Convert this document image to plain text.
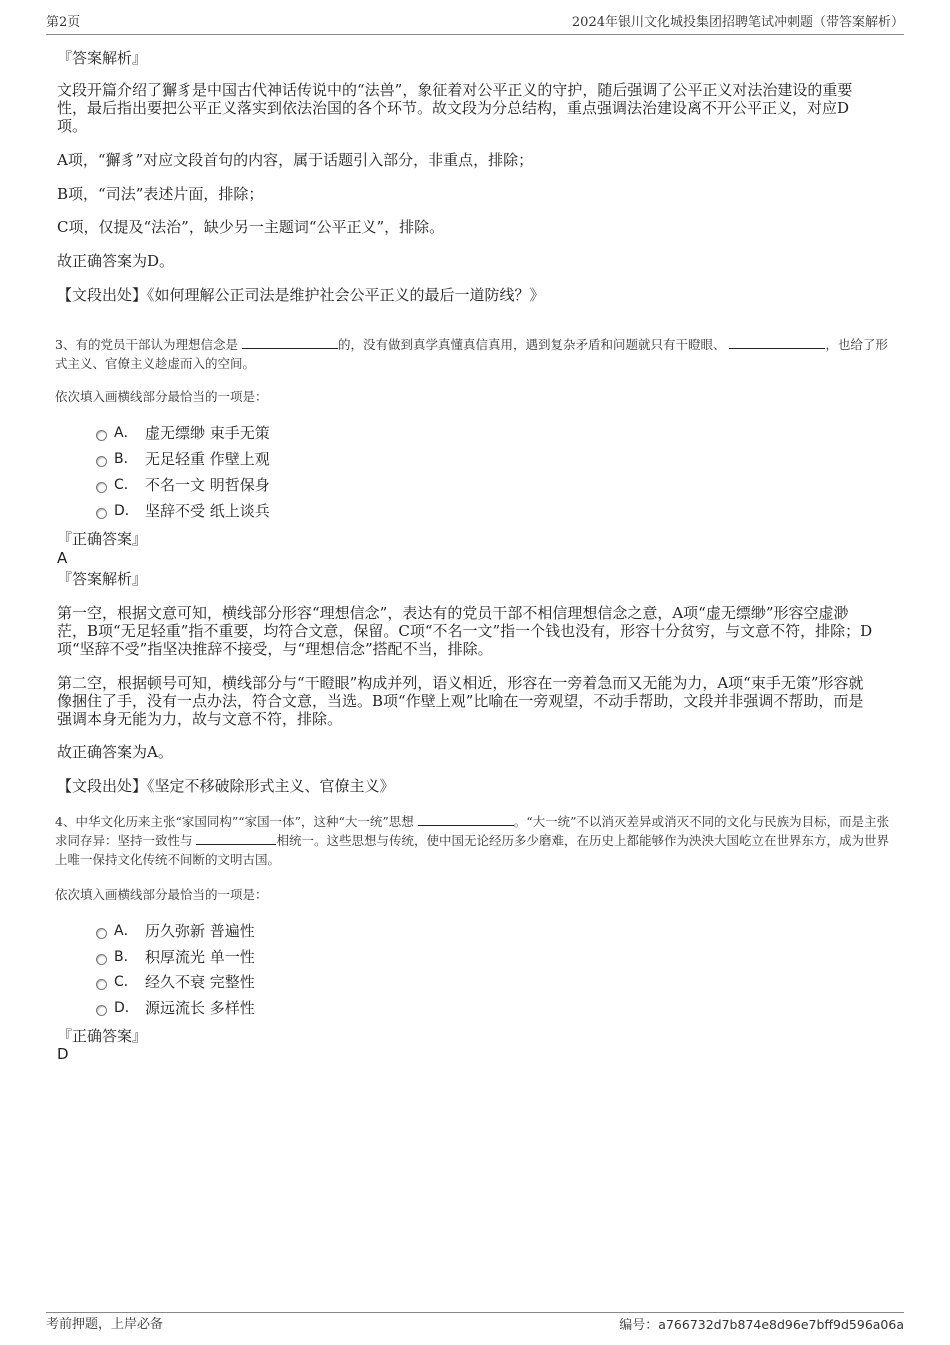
第2页	2024年银川文化城投集团招聘笔试冲刺题（带答案解析）
『答案解析』
文段开篇介绍了獬豸是中国古代神话传说中的“法兽”，象征着对公平正义的守护，随后强调了公平正义对法治建设的重要性，最后指出要把公平正义落实到依法治国的各个环节。故文段为分总结构，重点强调法治建设离不开公平正义，对应D项。
A项，“獬豸”对应文段首句的内容，属于话题引入部分，非重点，排除；
B项，“司法”表述片面，排除；
C项，仅提及“法治”，缺少另一主题词“公平正义”，排除。
故正确答案为D。
【文段出处】《如何理解公正司法是维护社会公平正义的最后一道防线？》
3、有的党员干部认为理想信念是	的，没有做到真学真懂真信真用，遇到复杂矛盾和问题就只有干瞪眼、	，也给了形式主义、官僚主义趁虚而入的空间。
依次填入画横线部分最恰当的一项是：
A． 虚无缥缈 束手无策
B． 无足轻重 作壁上观
C． 不名一文 明哲保身
D． 坚辞不受 纸上谈兵
『正确答案』
A
『答案解析』
第一空，根据文意可知，横线部分形容“理想信念”，表达有的党员干部不相信理想信念之意，A项“虚无缥缈”形容空虚渺茫，B项“无足轻重”指不重要，均符合文意，保留。C项“不名一文”指一个钱也没有，形容十分贫穷，与文意不符，排除；D项“坚辞不受”指坚决推辞不接受，与“理想信念”搭配不当，排除。
第二空，根据顿号可知，横线部分与“干瞪眼”构成并列，语义相近，形容在一旁着急而又无能为力，A项“束手无策”形容就像捆住了手，没有一点办法，符合文意，当选。B项“作壁上观”比喻在一旁观望，不动手帮助，文段并非强调不帮助，而是强调本身无能为力，故与文意不符，排除。
故正确答案为A。
【文段出处】《坚定不移破除形式主义、官僚主义》
4、中华文化历来主张“家国同构”“家国一体”，这种“大一统”思想	。“大一统”不以消灭差异或消灭不同的文化与民族为目标，而是主张求同存异：坚持一致性与	相统一。这些思想与传统，使中国无论经历多少磨难，在历史上都能够作为泱泱大国屹立在世界东方，成为世界上唯一保持文化传统不间断的文明古国。
依次填入画横线部分最恰当的一项是：
A． 历久弥新 普遍性
B． 积厚流光 单一性
C． 经久不衰 完整性
D． 源远流长 多样性
『正确答案』
D
考前押题，上岸必备	编号：a766732d7b874e8d96e7bff9d596a06a
